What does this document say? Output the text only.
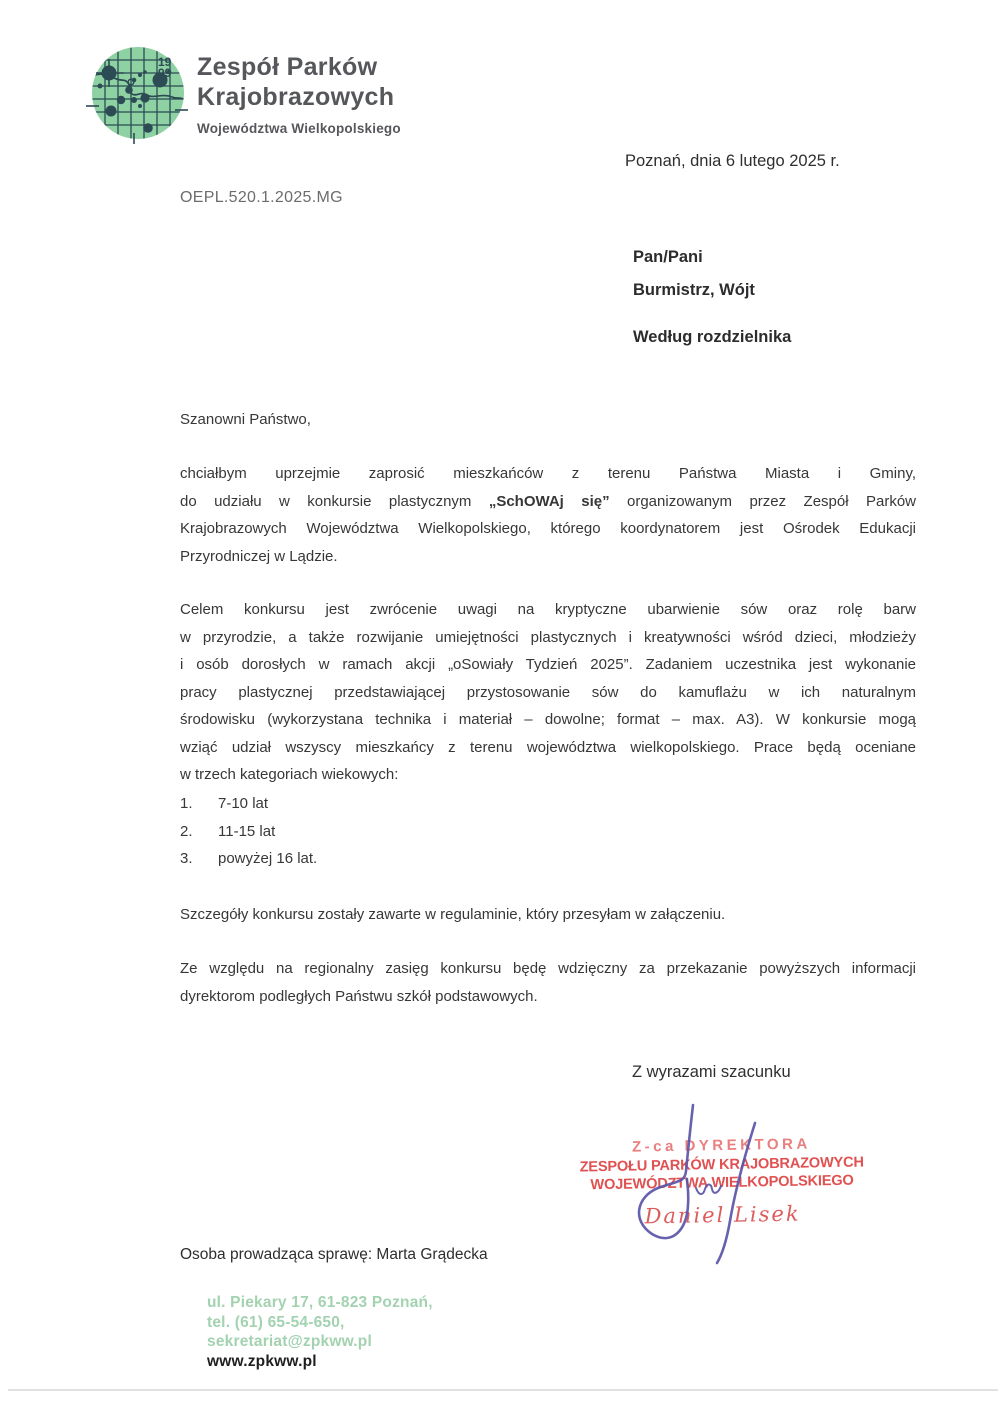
19
99 Zespół Parków
Krajobrazowych
Województwa Wielkopolskiego
Poznań, dnia 6 lutego 2025 r.
OEPL.520.1.2025.MG
Pan/Pani
Burmistrz, Wójt
Według rozdzielnika
Szanowni Państwo,
chciałbym uprzejmie zaprosić mieszkańców z terenu Państwa Miasta i Gminy,
do udziału w konkursie plastycznym „SchOWAj się” organizowanym przez Zespół Parków
Krajobrazowych Województwa Wielkopolskiego, którego koordynatorem jest Ośrodek Edukacji
Przyrodniczej w Lądzie.
Celem konkursu jest zwrócenie uwagi na kryptyczne ubarwienie sów oraz rolę barw
w przyrodzie, a także rozwijanie umiejętności plastycznych i kreatywności wśród dzieci, młodzieży
i osób dorosłych w ramach akcji „oSowiały Tydzień 2025”. Zadaniem uczestnika jest wykonanie
pracy plastycznej przedstawiającej przystosowanie sów do kamuflażu w ich naturalnym
środowisku (wykorzystana technika i materiał – dowolne; format – max. A3). W konkursie mogą
wziąć udział wszyscy mieszkańcy z terenu województwa wielkopolskiego. Prace będą oceniane
w trzech kategoriach wiekowych:
1.	7-10 lat
2.	11-15 lat
3.	powyżej 16 lat.
Szczegóły konkursu zostały zawarte w regulaminie, który przesyłam w załączeniu.
Ze względu na regionalny zasięg konkursu będę wdzięczny za przekazanie powyższych informacji
dyrektorom podległych Państwu szkół podstawowych.
Z wyrazami szacunku
Z-ca DYREKTORA
ZESPOŁU PARKÓW KRAJOBRAZOWYCH
WOJEWÓDZTWA WIELKOPOLSKIEGO
Daniel Lisek
Osoba prowadząca sprawę: Marta Grądecka
ul. Piekary 17, 61-823 Poznań,
tel. (61) 65-54-650,
sekretariat@zpkww.pl
www.zpkww.pl
